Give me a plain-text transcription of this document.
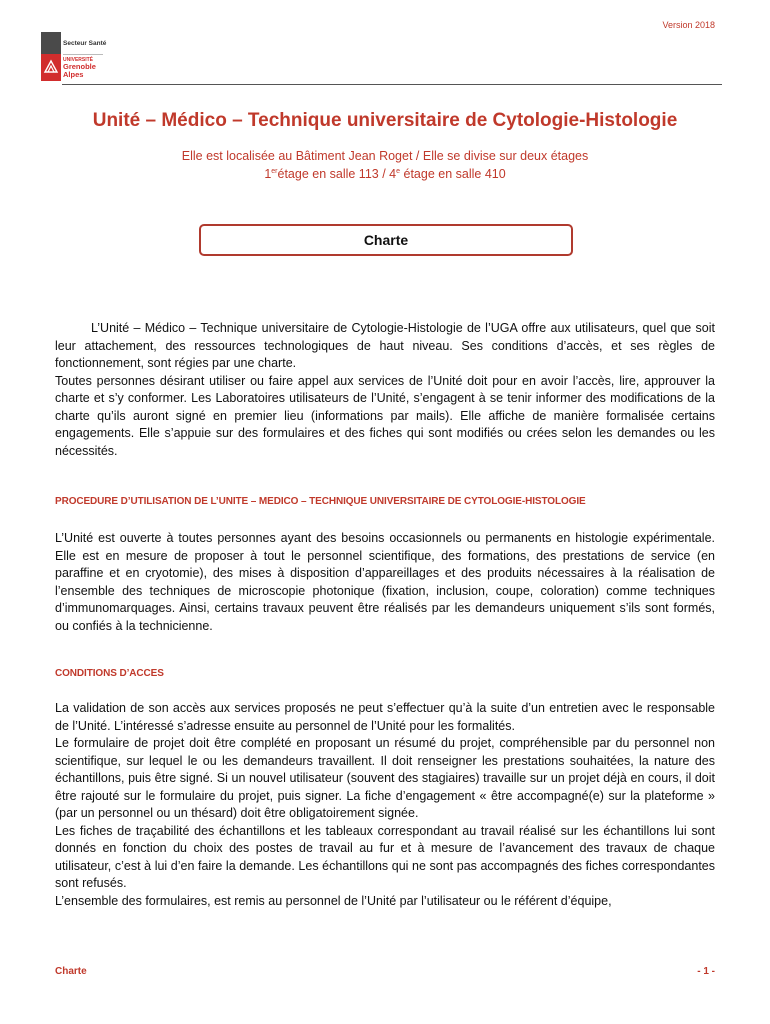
Version 2018
Secteur Santé
UNIVERSITÉ
Grenoble
Alpes
Unité – Médico – Technique universitaire de Cytologie-Histologie
Elle est localisée au Bâtiment Jean Roget / Elle se divise sur deux étages
1erétage en salle 113 / 4e étage en salle 410
Charte

L’Unité – Médico – Technique universitaire de Cytologie-Histologie de l’UGA offre aux utilisateurs, quel que soit leur attachement, des ressources technologiques de haut niveau. Ses conditions d’accès, et ses règles de fonctionnement, sont régies par une charte.

Toutes personnes désirant utiliser ou faire appel aux services de l’Unité doit pour en avoir l’accès, lire, approuver la charte et s’y conformer. Les Laboratoires utilisateurs de l’Unité, s’engagent à se tenir informer des modifications de la charte qu’ils auront signé en premier lieu (informations par mails). Elle affiche de manière formalisée certains engagements. Elle s’appuie sur des formulaires et des fiches qui sont modifiés ou crées selon les demandes ou les nécessités.

PROCEDURE D’UTILISATION DE L’UNITE – MEDICO – TECHNIQUE UNIVERSITAIRE DE CYTOLOGIE-HISTOLOGIE

L’Unité est ouverte à toutes personnes ayant des besoins occasionnels ou permanents en histologie expérimentale. Elle est en mesure de proposer à tout le personnel scientifique, des formations, des prestations de service (en paraffine et en cryotomie), des mises à disposition d’appareillages et des produits nécessaires à la réalisation de l’ensemble des techniques de microscopie photonique (fixation, inclusion, coupe, coloration) comme techniques d’immunomarquages. Ainsi, certains travaux peuvent être réalisés par les demandeurs uniquement s’ils sont formés, ou confiés à la technicienne.

CONDITIONS D’ACCES

La validation de son accès aux services proposés ne peut s’effectuer qu’à la suite d’un entretien avec le responsable de l’Unité. L’intéressé s’adresse ensuite au personnel de l’Unité pour les formalités.

Le formulaire de projet doit être complété en proposant un résumé du projet, compréhensible par du personnel non scientifique, sur lequel le ou les demandeurs travaillent. Il doit renseigner les prestations souhaitées, la nature des échantillons, puis être signé. Si un nouvel utilisateur (souvent des stagiaires) travaille sur un projet déjà en cours, il doit être rajouté sur le formulaire du projet, puis signer. La fiche d’engagement « être accompagné(e) sur la plateforme » (par un personnel ou un thésard) doit être obligatoirement signée.

Les fiches de traçabilité des échantillons et les tableaux correspondant au travail réalisé sur les échantillons lui sont donnés en fonction du choix des postes de travail au fur et à mesure de l’avancement des travaux de chaque utilisateur, c’est à lui d’en faire la demande. Les échantillons qui ne sont pas accompagnés des fiches correspondantes sont refusés.

L’ensemble des formulaires, est remis au personnel de l’Unité par l’utilisateur ou le référent d’équipe,

Charte	- 1 -
